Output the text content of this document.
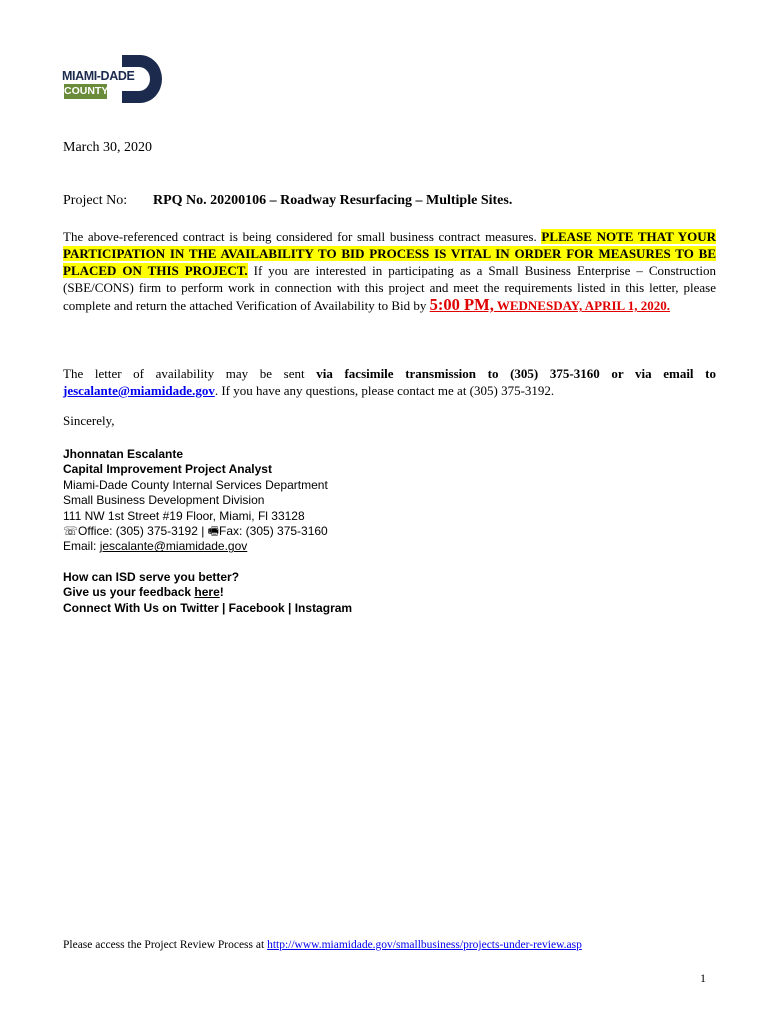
MIAMI-DADE
COUNTY
March 30, 2020
Project No: RPQ No. 20200106 – Roadway Resurfacing – Multiple Sites.
The above-referenced contract is being considered for small business contract measures. PLEASE NOTE THAT YOUR PARTICIPATION IN THE AVAILABILITY TO BID PROCESS IS VITAL IN ORDER FOR MEASURES TO BE PLACED ON THIS PROJECT. If you are interested in participating as a Small Business Enterprise – Construction (SBE/CONS) firm to perform work in connection with this project and meet the requirements listed in this letter, please complete and return the attached Verification of Availability to Bid by 5:00 PM, WEDNESDAY, APRIL 1, 2020.
The letter of availability may be sent via facsimile transmission to (305) 375-3160 or via email to jescalante@miamidade.gov. If you have any questions, please contact me at (305) 375-3192.
Sincerely,
Jhonnatan Escalante
Capital Improvement Project Analyst
Miami-Dade County Internal Services Department
Small Business Development Division
111 NW 1st Street #19 Floor, Miami, Fl 33128
☏Office: (305) 375-3192 | 🖷Fax: (305) 375-3160
Email: jescalante@miamidade.gov
How can ISD serve you better?
Give us your feedback here!
Connect With Us on Twitter | Facebook | Instagram
Please access the Project Review Process at http://www.miamidade.gov/smallbusiness/projects-under-review.asp
1
